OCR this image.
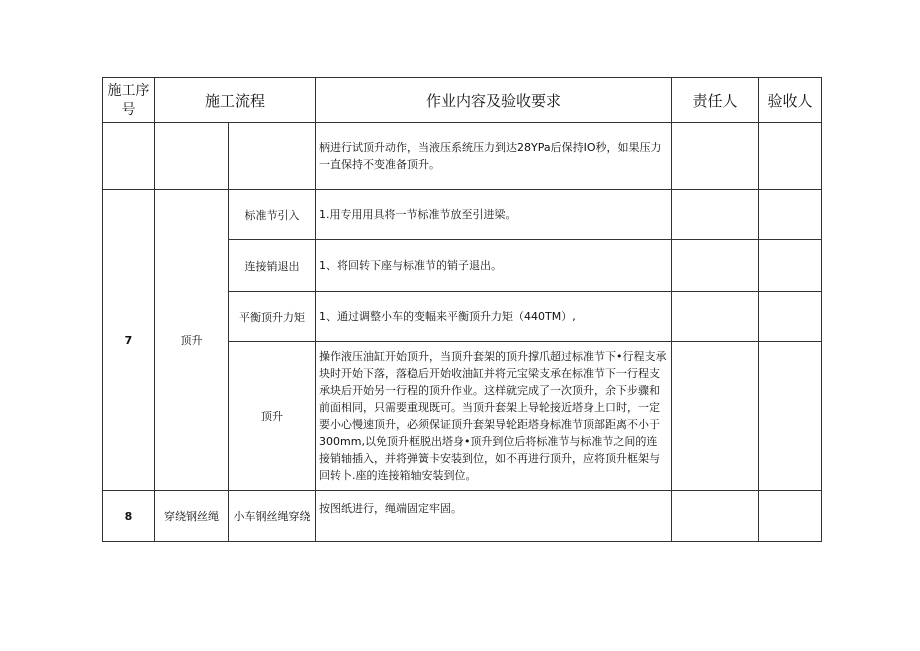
施工序号	施工流程		作业内容及验收要求	责任人	验收人
			柄进行试顶升动作，当液压系统压力到达28YPa后保持IO秒，如果压力一直保持不变准备顶升。		
7	顶升	标准节引入	1.用专用用具将一节标准节放至引进梁。		
		连接销退出	1、将回转下座与标准节的销子退出。		
		平衡顶升力矩	1、通过调整小车的变幅来平衡顶升力矩（440TM）,		
		顶升	操作液压油缸开始顶升，当顶升套架的顶升撑爪超过标准节下•行程支承块时开始下落，落稳后开始收油缸并将元宝梁支承在标准节下一行程支承块后开始另一行程的顶升作业。这样就完成了一次顶升，余下步骤和前面相同，只需要重现既可。当顶升套架上导轮接近塔身上口时，一定要小心慢速顶升，必须保证顶升套架导轮距塔身标准节顶部距离不小于300mm,以免顶升框脱出塔身•顶升到位后将标准节与标准节之间的连接销轴插入，并将弹簧卡安装到位，如不再进行顶升，应将顶升框架与回转卜.座的连接箱轴安装到位。		
8	穿绕钢丝绳	小车钢丝绳穿绕	按图纸进行，绳端固定牢固。		
